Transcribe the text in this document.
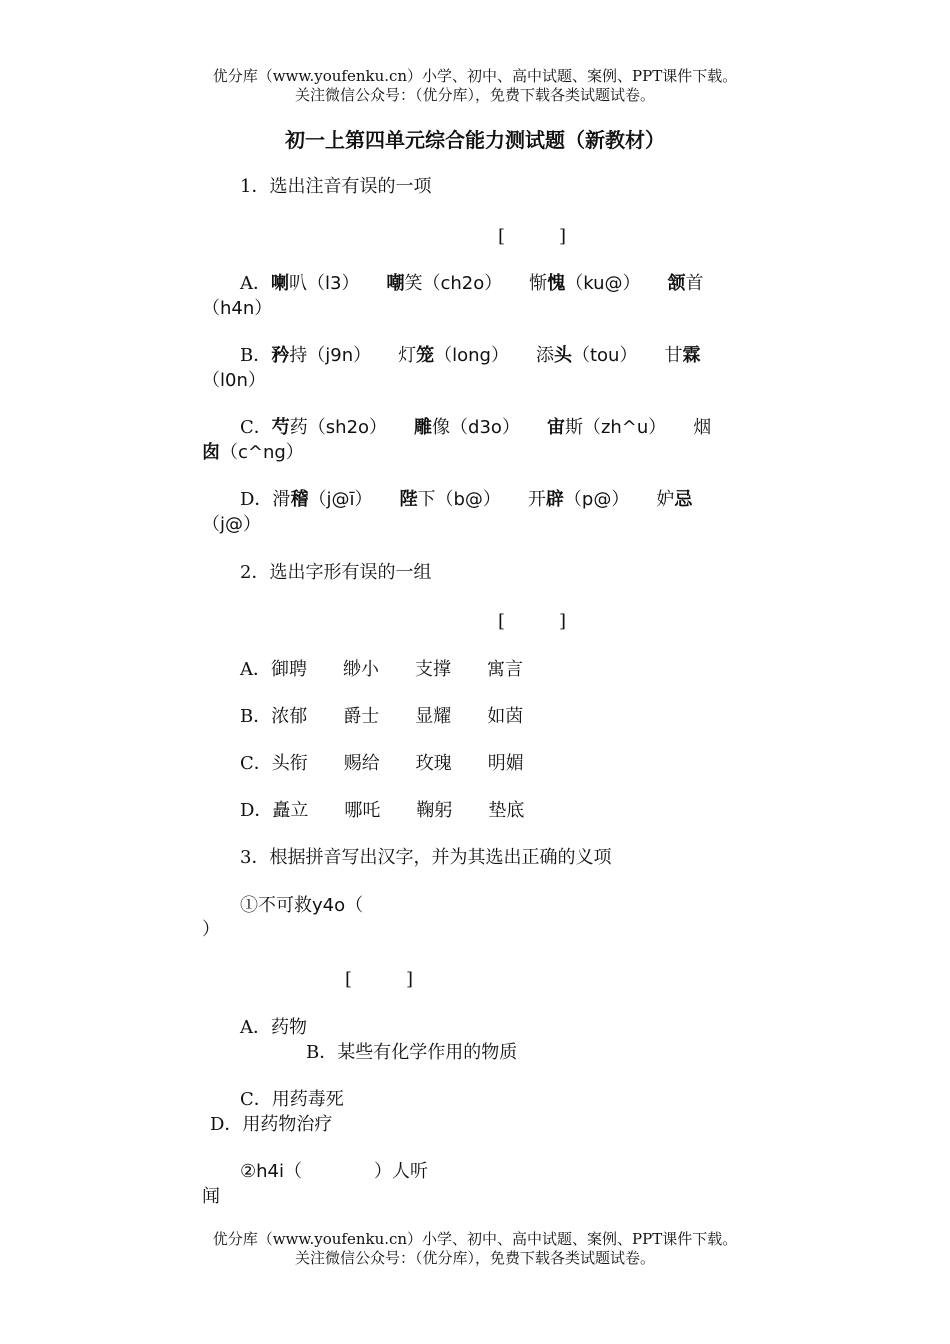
优分库（www.youfenku.cn）小学、初中、高中试题、案例、PPT课件下载。
关注微信公众号：（优分库），免费下载各类试题试卷。
初一上第四单元综合能力测试题（新教材）
1．选出注音有误的一项
[　　　]
A．喇叭（l3）　　嘲笑（ch2o）　　惭愧（ku@）　　颔首
（h4n）
B．矜持（j9n）　　灯笼（long）　　添头（tou）　　甘霖
（l0n）
C．芍药（sh2o）　　雕像（d3o）　　宙斯（zh^u）　　烟
囱（c^ng）
D．滑稽（j@ī）　　陛下（b@）　　开辟（p@）　　妒忌
（j@）
2．选出字形有误的一组
[　　　]
A．御聘　　缈小　　支撑　　寓言
B．浓郁　　爵士　　显耀　　如茵
C．头衔　　赐给　　玫瑰　　明媚
D．矗立　　哪吒　　鞠躬　　垫底
3．根据拼音写出汉字，并为其选出正确的义项
①不可救y4o（
）
[　　　]
A．药物
B．某些有化学作用的物质
C．用药毒死
D．用药物治疗
②h4i（　　　　）人听
闻
优分库（www.youfenku.cn）小学、初中、高中试题、案例、PPT课件下载。
关注微信公众号：（优分库），免费下载各类试题试卷。
